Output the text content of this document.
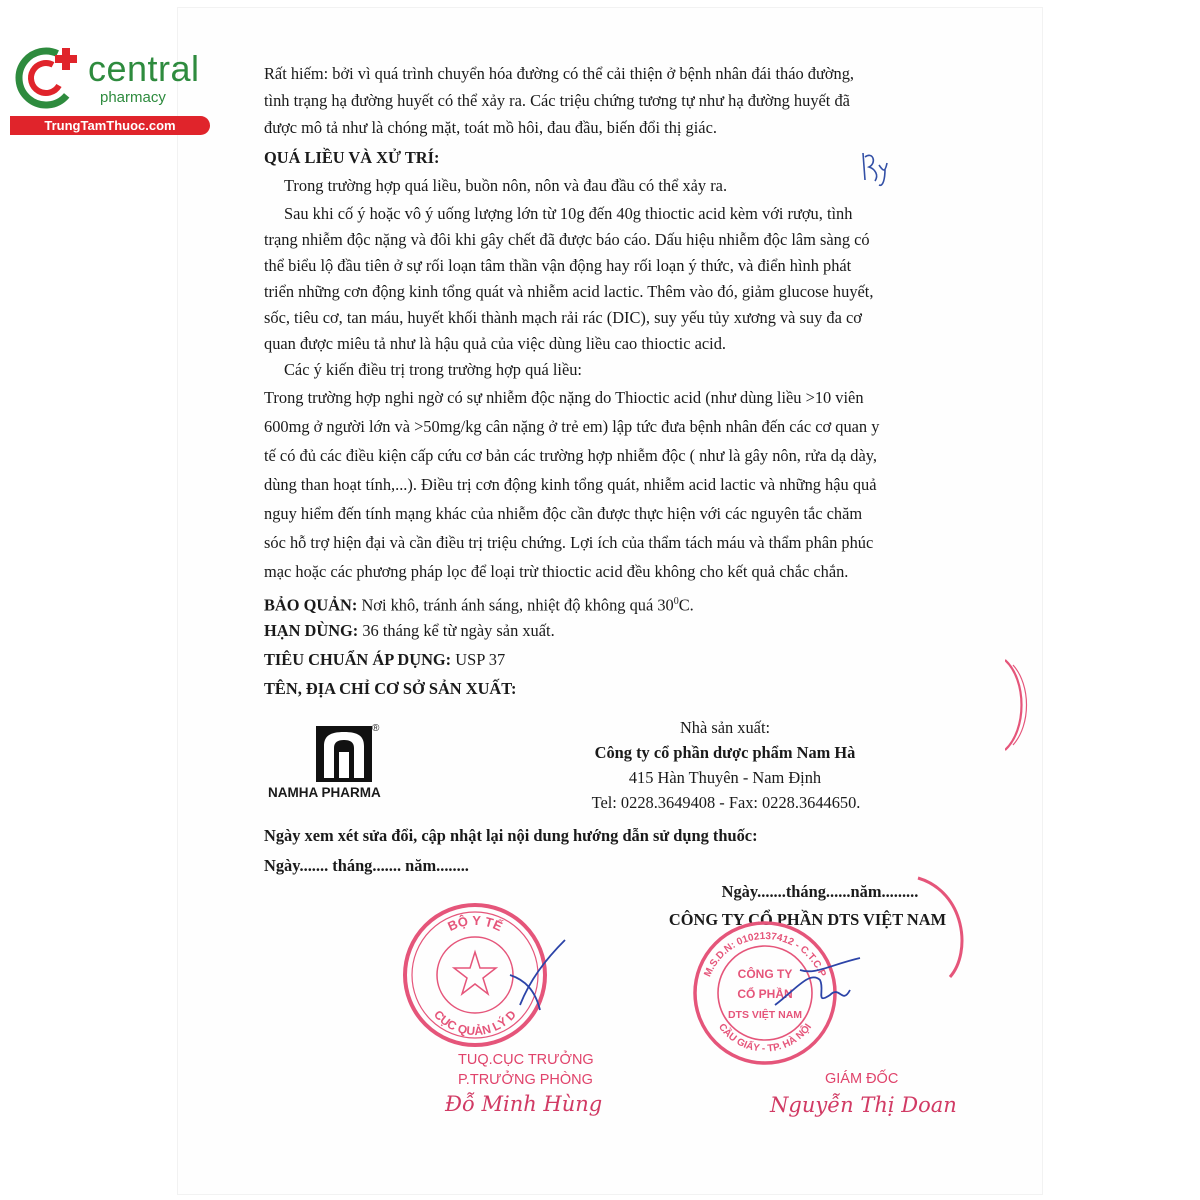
central
pharmacy
TrungTamThuoc.com
Rất hiếm: bởi vì quá trình chuyển hóa đường có thể cải thiện ở bệnh nhân đái tháo đường,
tình trạng hạ đường huyết có thể xảy ra. Các triệu chứng tương tự như hạ đường huyết đã
được mô tả như là chóng mặt, toát mồ hôi, đau đầu, biến đổi thị giác.
QUÁ LIỀU VÀ XỬ TRÍ:
Trong trường hợp quá liều, buồn nôn, nôn và đau đầu có thể xảy ra.
Sau khi cố ý hoặc vô ý uống lượng lớn từ 10g đến 40g thioctic acid kèm với rượu, tình
trạng nhiễm độc nặng và đôi khi gây chết đã được báo cáo. Dấu hiệu nhiễm độc lâm sàng có
thể biểu lộ đầu tiên ở sự rối loạn tâm thần vận động hay rối loạn ý thức, và điển hình phát
triển những cơn động kinh tổng quát và nhiễm acid lactic. Thêm vào đó, giảm glucose huyết,
sốc, tiêu cơ, tan máu, huyết khối thành mạch rải rác (DIC), suy yếu tủy xương và suy đa cơ
quan được miêu tả như là hậu quả của việc dùng liều cao thioctic acid.
Các ý kiến điều trị trong trường hợp quá liều:
Trong trường hợp nghi ngờ có sự nhiễm độc nặng do Thioctic acid (như dùng liều >10 viên
600mg ở người lớn và >50mg/kg cân nặng ở trẻ em) lập tức đưa bệnh nhân đến các cơ quan y
tế có đủ các điều kiện cấp cứu cơ bản các trường hợp nhiễm độc ( như là gây nôn, rửa dạ dày,
dùng than hoạt tính,...). Điều trị cơn động kinh tổng quát, nhiễm acid lactic và những hậu quả
nguy hiểm đến tính mạng khác của nhiễm độc cần được thực hiện với các nguyên tắc chăm
sóc hỗ trợ hiện đại và cần điều trị triệu chứng. Lợi ích của thẩm tách máu và thẩm phân phúc
mạc hoặc các phương pháp lọc để loại trừ thioctic acid đều không cho kết quả chắc chắn.
BẢO QUẢN: Nơi khô, tránh ánh sáng, nhiệt độ không quá $30^0C$.
HẠN DÙNG: 36 tháng kể từ ngày sản xuất.
TIÊU CHUẨN ÁP DỤNG: USP 37
TÊN, ĐỊA CHỈ CƠ SỞ SẢN XUẤT:
®
NAMHA PHARMA
Nhà sản xuất:
Công ty cổ phần dược phẩm Nam Hà
415 Hàn Thuyên - Nam Định
Tel: 0228.3649408 - Fax: 0228.3644650.
Ngày xem xét sửa đổi, cập nhật lại nội dung hướng dẫn sử dụng thuốc:
Ngày....... tháng....... năm........
Ngày.......tháng......năm.........
CÔNG TY CỔ PHẦN DTS VIỆT NAM
BỘ Y TẾ
CỤC QUẢN LÝ D
TUQ.CỤC TRƯỞNG
P.TRƯỞNG PHÒNG
Đỗ Minh Hùng
M.S.D.N: 0102137412 - C.T.C.P
CẦU GIẤY - TP. HÀ NỘI
CÔNG TY
CỔ PHẦN
DTS VIỆT NAM
GIÁM ĐỐC
Nguyễn Thị Doan
